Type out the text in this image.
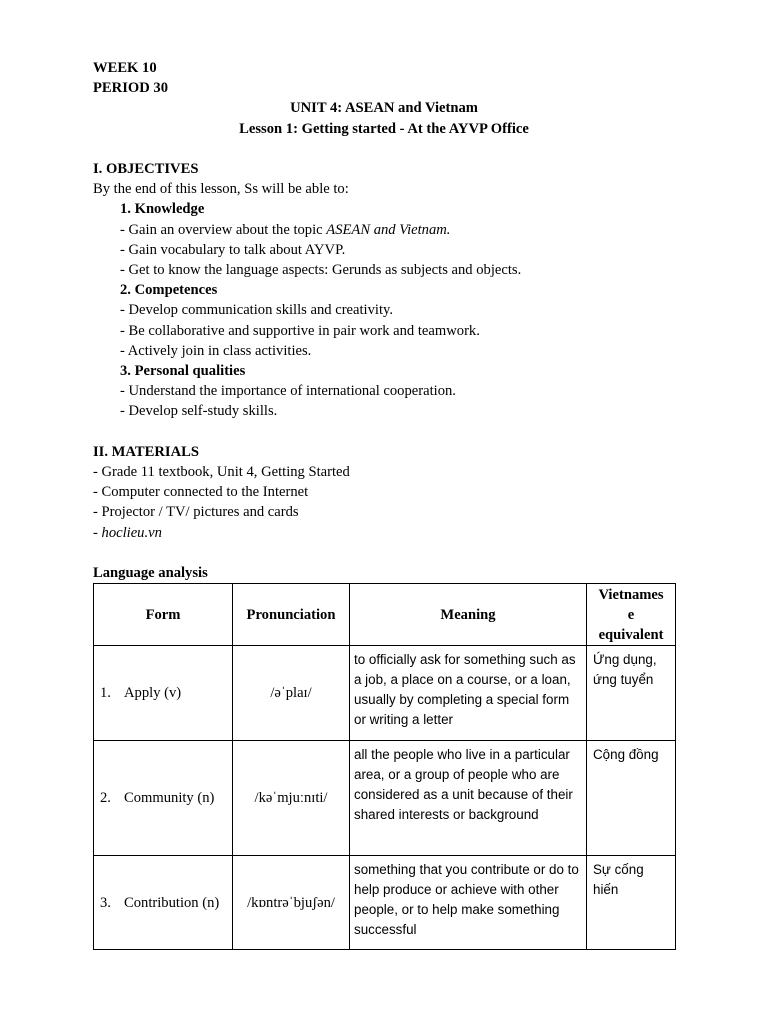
WEEK 10
PERIOD 30
UNIT 4: ASEAN and Vietnam
Lesson 1: Getting started - At the AYVP Office
I. OBJECTIVES
By the end of this lesson, Ss will be able to:
1. Knowledge
- Gain an overview about the topic ASEAN and Vietnam.
- Gain vocabulary to talk about AYVP.
- Get to know the language aspects: Gerunds as subjects and objects.
2. Competences
- Develop communication skills and creativity.
- Be collaborative and supportive in pair work and teamwork.
- Actively join in class activities.
3. Personal qualities
- Understand the importance of international cooperation.
- Develop self-study skills.
II. MATERIALS
- Grade 11 textbook, Unit 4, Getting Started
- Computer connected to the Internet
- Projector / TV/ pictures and cards
- hoclieu.vn
Language analysis
Form	Pronunciation	Meaning	Vietnames
e
equivalent

1. Apply (v)	/əˈplaɪ/	to officially ask for something such as a job, a place on a course, or a loan, usually by completing a special form or writing a letter	Ứng dụng, ứng tuyển
2. Community (n)	/kəˈmjuːnɪti/	all the people who live in a particular area, or a group of people who are considered as a unit because of their shared interests or background	Cộng đồng
3. Contribution (n)	/kɒntrəˈbjuʃən/	something that you contribute or do to help produce or achieve with other people, or to help make something successful	Sự cống hiến
